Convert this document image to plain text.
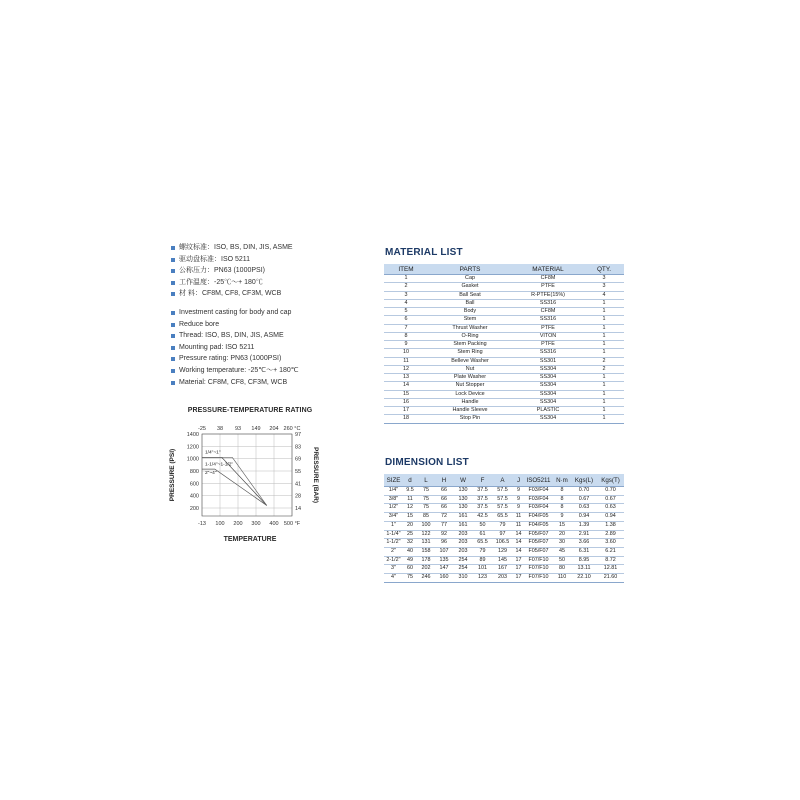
螺纹标准：ISO, BS, DIN, JIS, ASME
驱动盘标准：ISO 5211
公称压力：PN63 (1000PSI)
工作温度：-25℃～+ 180℃
材 料：CF8M, CF8, CF3M, WCB
Investment casting for body and cap
Reduce bore
Thread: ISO, BS, DIN, JIS, ASME
Mounting pad: ISO 5211
Pressure rating: PN63 (1000PSI)
Working temperature: -25℃～+ 180℃
Material: CF8M, CF8, CF3M, WCB
PRESSURE-TEMPERATURE RATING
-13
-25
100
38
200
93
300
149
400
204
500 °F
260 °C
1400	97
1200	83
1000	69
800	55
600	41
400	28
200	14
1/4"~1"
1-1/4"~1-1/2"
2"~4"
PRESSURE (PSI)	PRESSURE (BAR)
TEMPERATURE
MATERIAL LIST
ITEM	PARTS	MATERIAL	QTY.
1	Cap	CF8M	3
2	Gasket	PTFE	3
3	Ball Seat	R-PTFE(15%)	4
4	Ball	SS316	1
5	Body	CF8M	1
6	Stem	SS316	1
7	Thrust Washer	PTFE	1
8	O-Ring	VITON	1
9	Stem Packing	PTFE	1
10	Stem Ring	SS316	1
11	Belleve Washer	SS301	2
12	Nut	SS304	2
13	Plate Washer	SS304	1
14	Nut Stopper	SS304	1
15	Lock Device	SS304	1
16	Handle	SS304	1
17	Handle Sleeve	PLASTIC	1
18	Stop Pin	SS304	1
DIMENSION LIST
SIZE	d	L	H	W	F	A	J	ISO5211	N·m	Kgs(L)	Kgs(T)
1/4"	9.5	75	66	130	37.5	57.5	9	F03/F04	8	0.70	0.70
3/8"	11	75	66	130	37.5	57.5	9	F03/F04	8	0.67	0.67
1/2"	12	75	66	130	37.5	57.5	9	F03/F04	8	0.63	0.63
3/4"	15	85	72	161	42.5	65.5	11	F04/F05	9	0.94	0.94
1"	20	100	77	161	50	79	11	F04/F05	15	1.39	1.38
1-1/4"	25	122	92	203	61	97	14	F05/F07	20	2.91	2.89
1-1/2"	32	131	96	203	65.5	106.5	14	F05/F07	30	3.66	3.60
2"	40	158	107	203	79	129	14	F05/F07	45	6.31	6.21
2-1/2"	49	178	135	254	89	145	17	F07/F10	50	8.95	8.72
3"	60	202	147	254	101	167	17	F07/F10	80	13.11	12.81
4"	75	246	160	310	123	203	17	F07/F10	110	22.10	21.60
